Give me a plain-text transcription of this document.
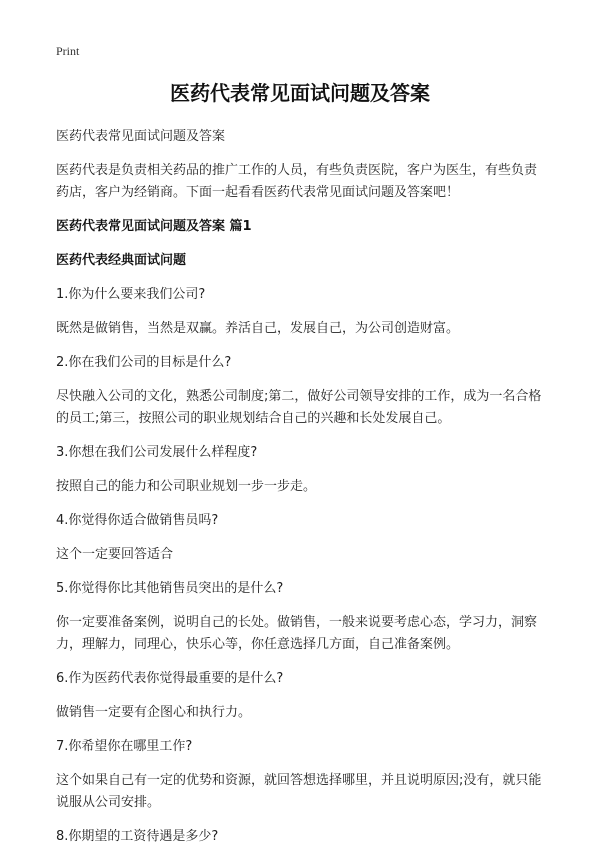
Print
医药代表常见面试问题及答案
医药代表常见面试问题及答案
医药代表是负责相关药品的推广工作的人员，有些负责医院，客户为医生，有些负责药店，客户为经销商。下面一起看看医药代表常见面试问题及答案吧！
医药代表常见面试问题及答案 篇1
医药代表经典面试问题
1.你为什么要来我们公司?
既然是做销售，当然是双赢。养活自己，发展自己，为公司创造财富。
2.你在我们公司的目标是什么?
尽快融入公司的文化，熟悉公司制度;第二，做好公司领导安排的工作，成为一名合格的员工;第三，按照公司的职业规划结合自己的兴趣和长处发展自己。
3.你想在我们公司发展什么样程度?
按照自己的能力和公司职业规划一步一步走。
4.你觉得你适合做销售员吗?
这个一定要回答适合
5.你觉得你比其他销售员突出的是什么?
你一定要准备案例，说明自己的长处。做销售，一般来说要考虑心态，学习力，洞察力，理解力，同理心，快乐心等，你任意选择几方面，自己准备案例。
6.作为医药代表你觉得最重要的是什么?
做销售一定要有企图心和执行力。
7.你希望你在哪里工作?
这个如果自己有一定的优势和资源，就回答想选择哪里，并且说明原因;没有，就只能说服从公司安排。
8.你期望的工资待遇是多少?
